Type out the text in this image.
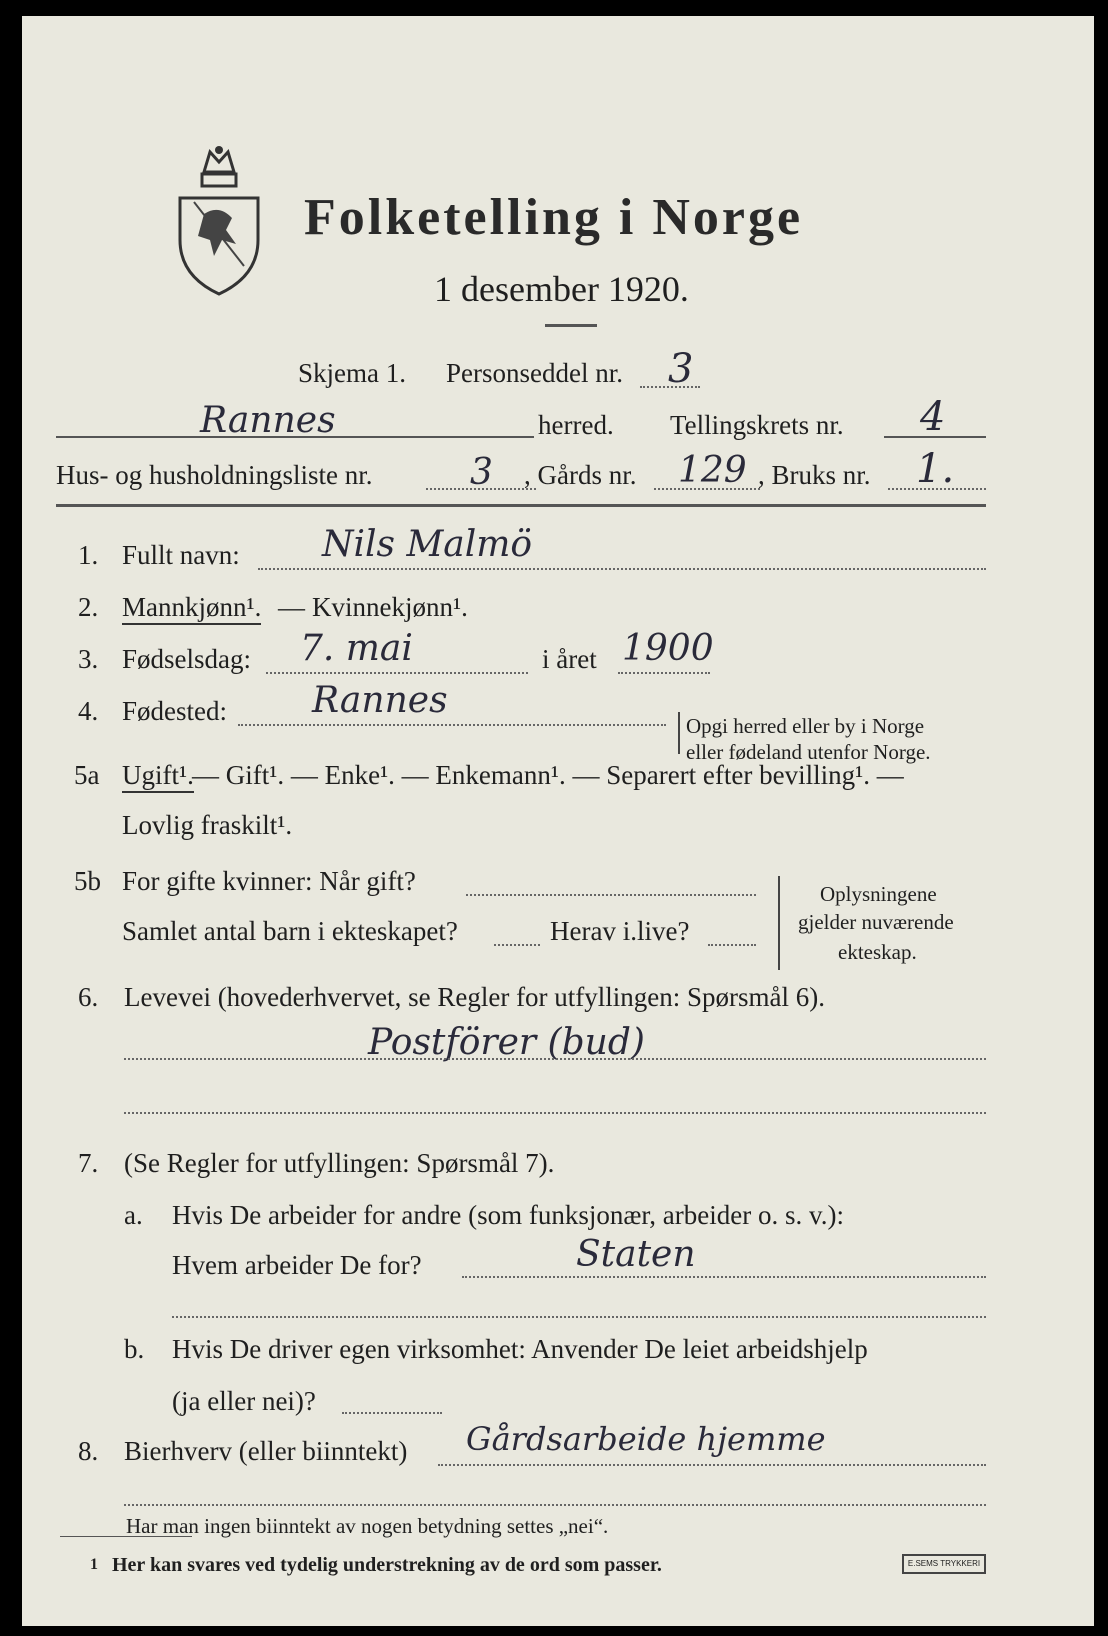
Folketelling i Norge
1 desember 1920.
Skjema 1. Personseddel nr. 3
Rannes	herred. Tellingskrets nr. 4
Hus- og husholdningsliste nr.	3 , Gårds nr. 129 , Bruks nr. 1.
1. Fullt navn: Nils Malmö
2. Mannkjønn¹. — Kvinnekjønn¹.
3. Fødselsdag: 7. mai	i året 1900
4. Fødested: Rannes
Opgi herred eller by i Norge
eller fødeland utenfor Norge.
5a Ugift¹.
— Gift¹. — Enke¹. — Enkemann¹. — Separert efter bevilling¹. —
Lovlig fraskilt¹.
5b For gifte kvinner: Når gift?
Samlet antal barn i ekteskapet?	Herav i.live?
Oplysningene
gjelder nuværende
ekteskap.
6. Levevei (hovederhvervet, se Regler for utfyllingen: Spørsmål 6).
Postförer (bud)
7. (Se Regler for utfyllingen: Spørsmål 7).
a. Hvis De arbeider for andre (som funksjonær, arbeider o. s. v.):
Hvem arbeider De for?	Staten
b. Hvis De driver egen virksomhet: Anvender De leiet arbeidshjelp
(ja eller nei)?
8. Bierhverv (eller biinntekt) Gårdsarbeide hjemme
Har man ingen biinntekt av nogen betydning settes „nei“.
1 Her kan svares ved tydelig understrekning av de ord som passer.	E.SEMS TRYKKERI
